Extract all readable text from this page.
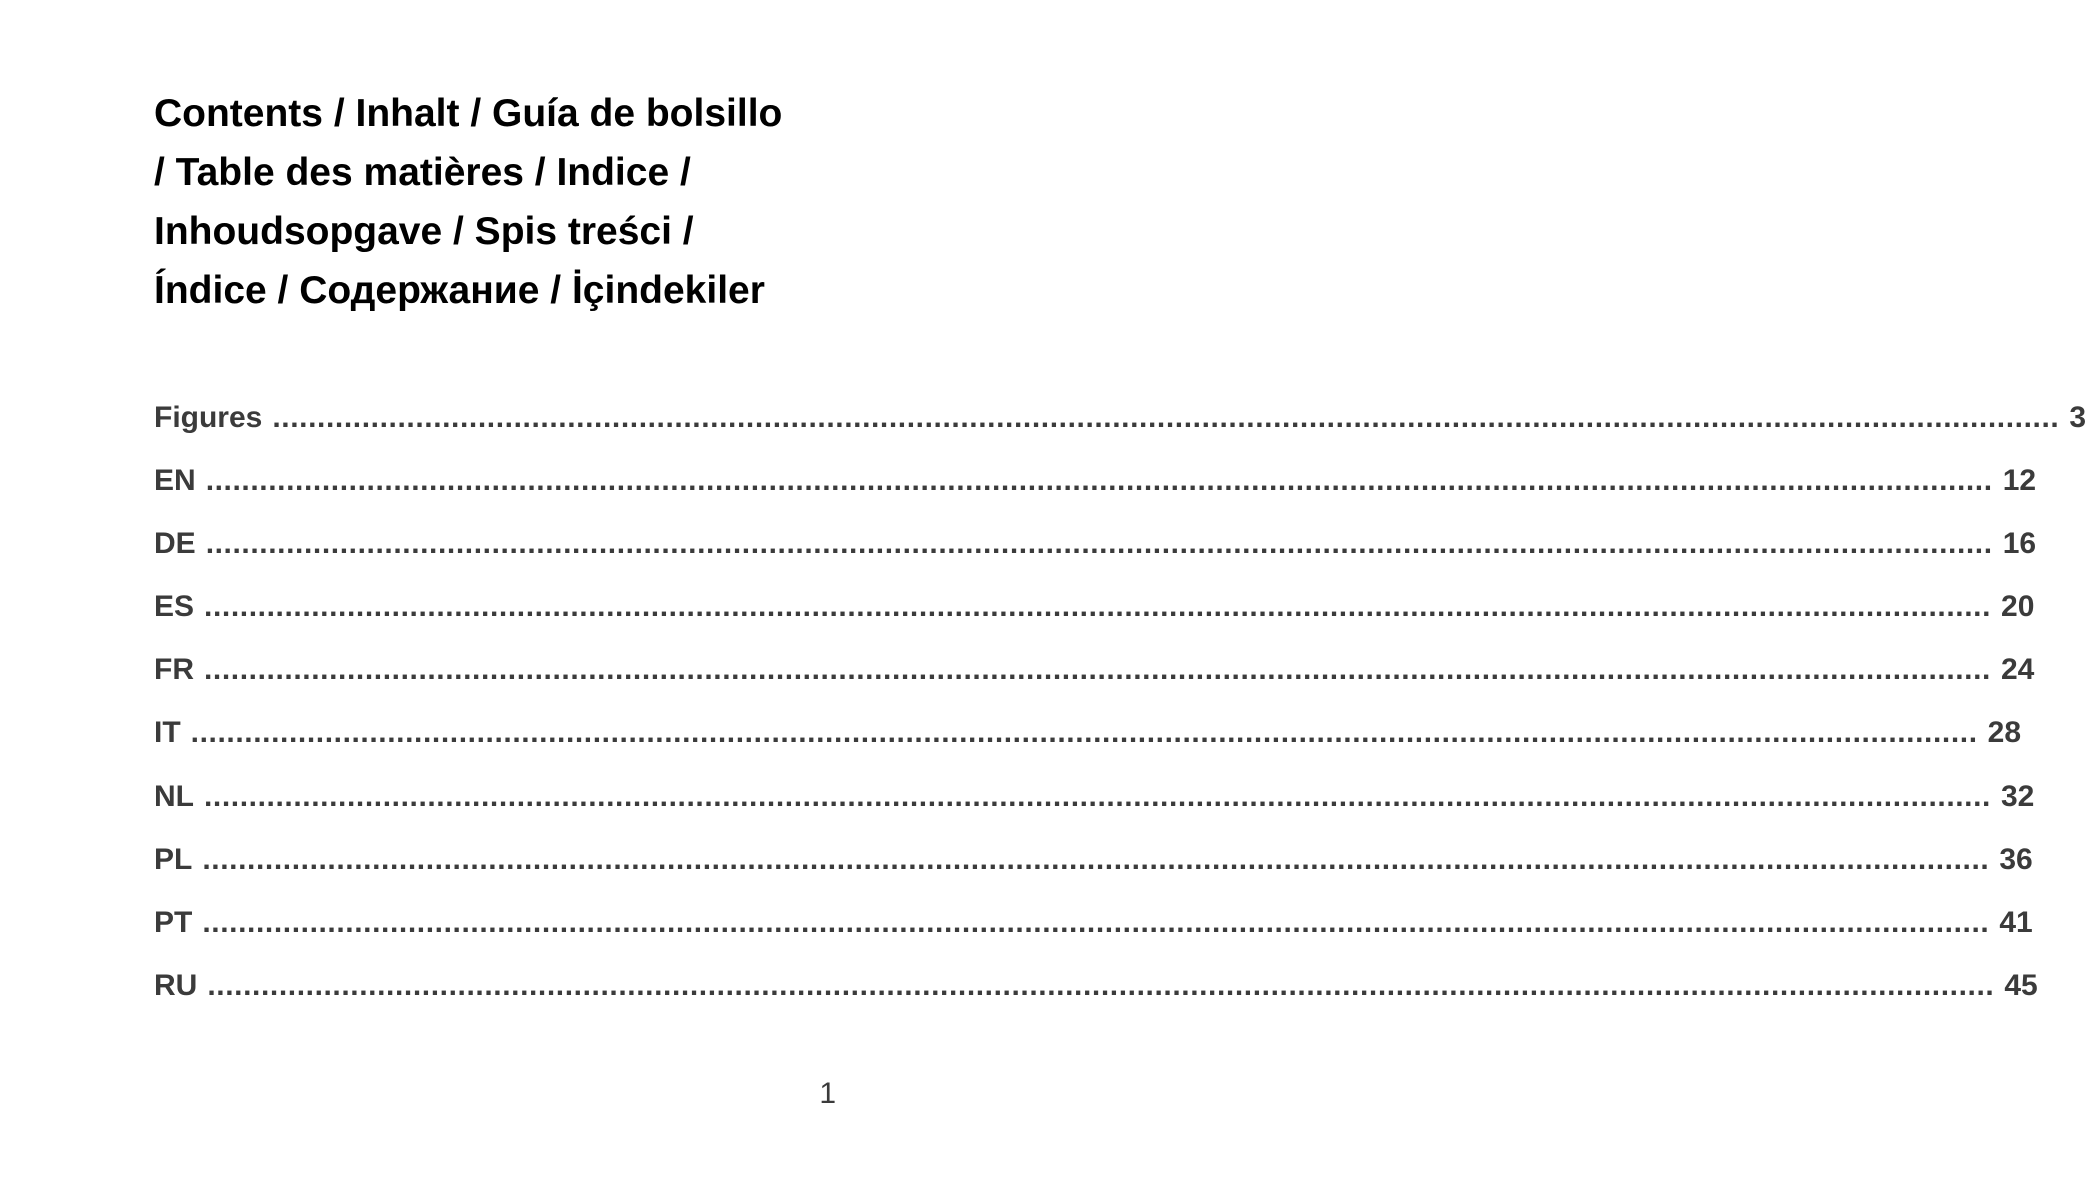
Contents / Inhalt / Guía de bolsillo / Table des matières / Indice / Inhoudsopgave / Spis treści / Índice / Содержание / İçindekiler
Figures ........................................................................................................................................................................................................ 3
EN ........................................................................................................................................................................................................ 12
DE ........................................................................................................................................................................................................ 16
ES ........................................................................................................................................................................................................ 20
FR ........................................................................................................................................................................................................ 24
IT ........................................................................................................................................................................................................ 28
NL ........................................................................................................................................................................................................ 32
PL ........................................................................................................................................................................................................ 36
PT ........................................................................................................................................................................................................ 41
RU ........................................................................................................................................................................................................ 45
1
